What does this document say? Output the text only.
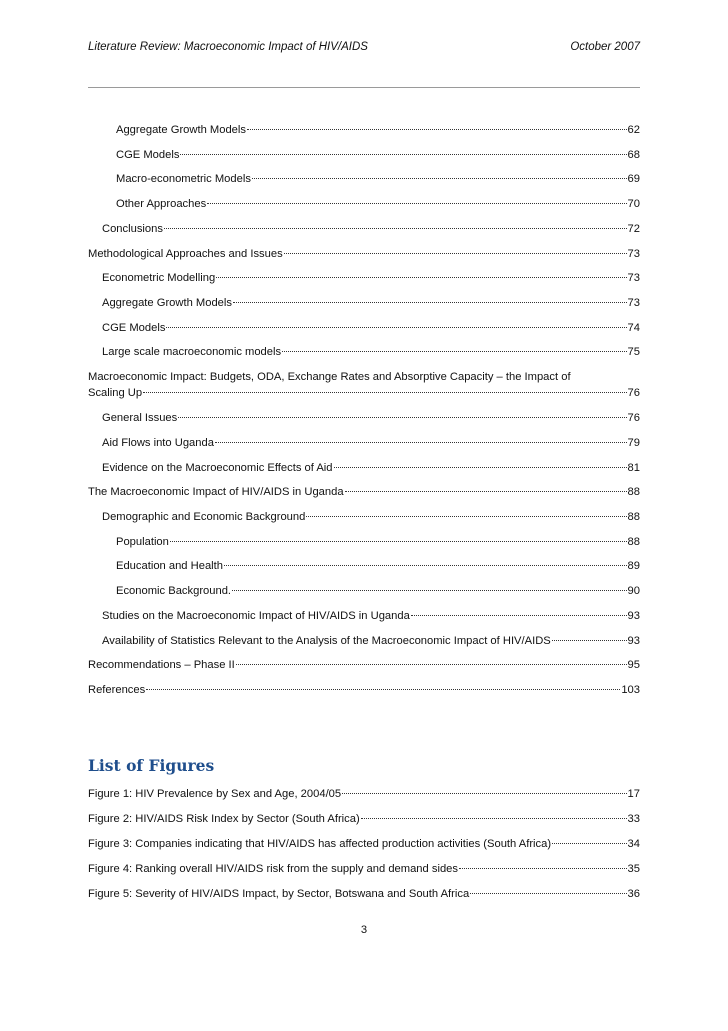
Literature Review: Macroeconomic Impact of HIV/AIDS	October 2007
Aggregate Growth Models	62
CGE Models	68
Macro-econometric Models	69
Other Approaches	70
Conclusions	72
Methodological Approaches and Issues	73
Econometric Modelling	73
Aggregate Growth Models	73
CGE Models	74
Large scale macroeconomic models	75
Macroeconomic Impact: Budgets, ODA, Exchange Rates and Absorptive Capacity – the Impact of
Scaling Up	76
General Issues	76
Aid Flows into Uganda	79
Evidence on the Macroeconomic Effects of Aid	81
The Macroeconomic Impact of HIV/AIDS in Uganda	88
Demographic and Economic Background	88
Population	88
Education and Health	89
Economic Background.	90
Studies on the Macroeconomic Impact of HIV/AIDS in Uganda	93
Availability of Statistics Relevant to the Analysis of the Macroeconomic Impact of HIV/AIDS	93
Recommendations – Phase II	95
References	103
List of Figures
Figure 1: HIV Prevalence by Sex and Age, 2004/05	17
Figure 2: HIV/AIDS Risk Index by Sector (South Africa)	33
Figure 3: Companies indicating that HIV/AIDS has affected production activities (South Africa)	34
Figure 4: Ranking overall HIV/AIDS risk from the supply and demand sides	35
Figure 5: Severity of HIV/AIDS Impact, by Sector, Botswana and South Africa	36
3
